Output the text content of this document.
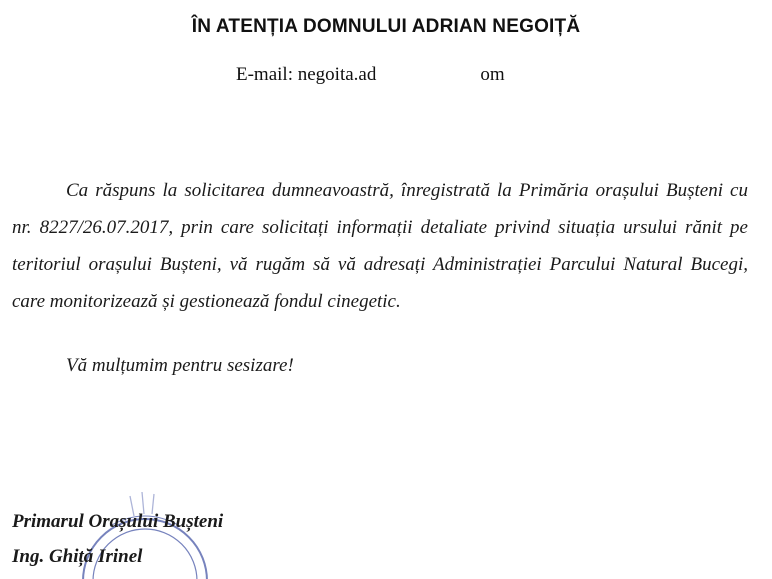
ÎN ATENȚIA DOMNULUI ADRIAN NEGOIȚĂ
E-mail: negoita.ad	om

Ca răspuns la solicitarea dumneavoastră, înregistrată la Primăria orașului Bușteni cu nr. 8227/26.07.2017, prin care solicitați informații detaliate privind situația ursului rănit pe teritoriul orașului Bușteni, vă rugăm să vă adresați Administrației Parcului Natural Bucegi, care monitorizează și gestionează fondul cinegetic.

Vă mulțumim pentru sesizare!
Primarul Orașului Bușteni
Ing. Ghiță Irinel
